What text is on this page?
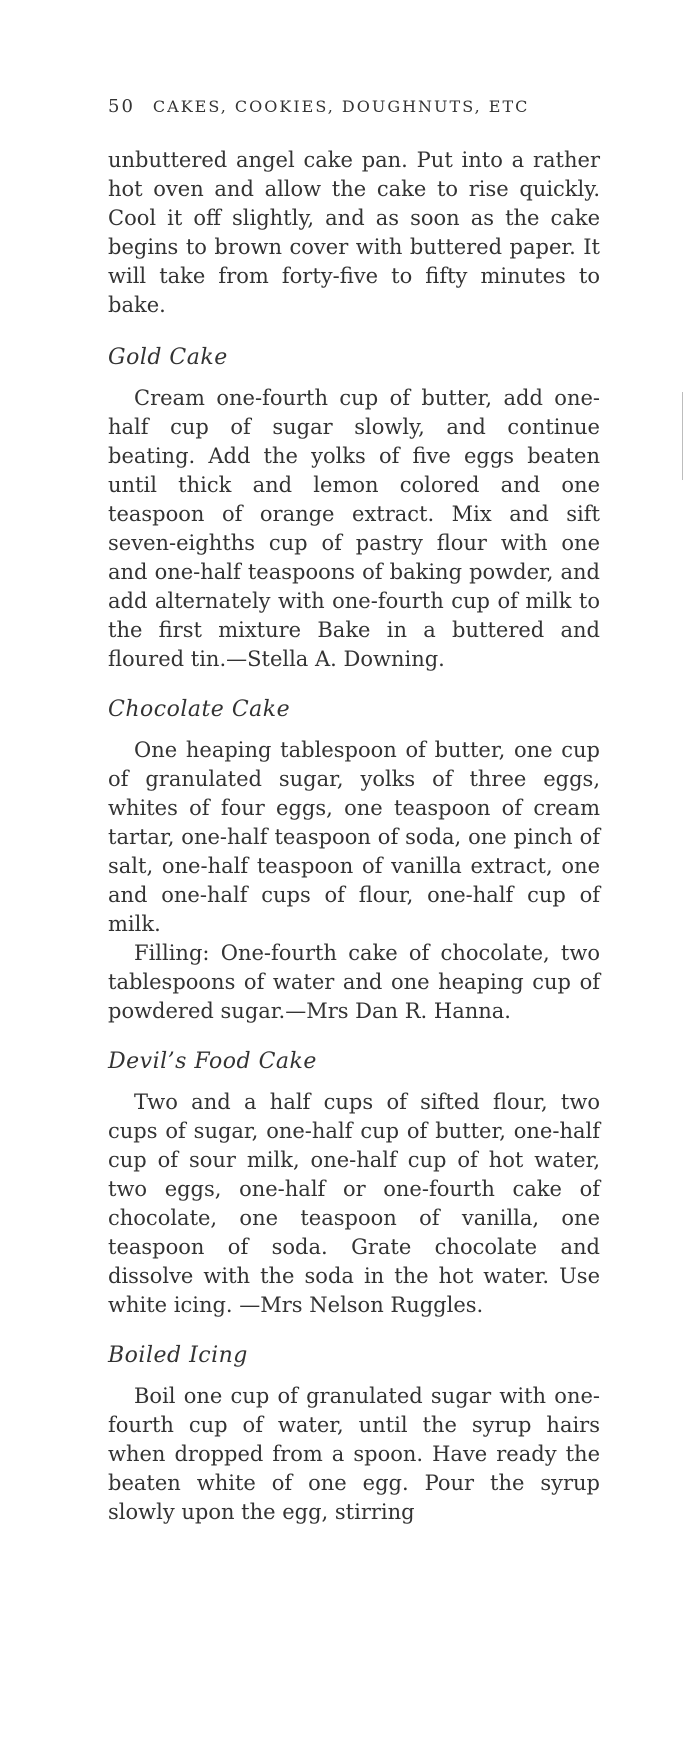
50 CAKES, COOKIES, DOUGHNUTS, ETC

unbuttered angel cake pan. Put into a rather hot oven and allow the cake to rise quickly. Cool it off slightly, and as soon as the cake begins to brown cover with buttered paper. It will take from forty-five to fifty minutes to bake.

Gold Cake

Cream one-fourth cup of butter, add one-half cup of sugar slowly, and continue beating. Add the yolks of five eggs beaten until thick and lemon colored and one teaspoon of orange extract. Mix and sift seven-eighths cup of pastry flour with one and one-half teaspoons of baking powder, and add alternately with one-fourth cup of milk to the first mixture Bake in a buttered and floured tin.—Stella A. Downing.

Chocolate Cake

One heaping tablespoon of butter, one cup of granulated sugar, yolks of three eggs, whites of four eggs, one teaspoon of cream tartar, one-half teaspoon of soda, one pinch of salt, one-half teaspoon of vanilla extract, one and one-half cups of flour, one-half cup of milk.

Filling: One-fourth cake of chocolate, two tablespoons of water and one heaping cup of powdered sugar.—Mrs Dan R. Hanna.

Devil’s Food Cake

Two and a half cups of sifted flour, two cups of sugar, one-half cup of butter, one-half cup of sour milk, one-half cup of hot water, two eggs, one-half or one-fourth cake of chocolate, one teaspoon of vanilla, one teaspoon of soda. Grate chocolate and dissolve with the soda in the hot water. Use white icing. —Mrs Nelson Ruggles.

Boiled Icing

Boil one cup of granulated sugar with one-fourth cup of water, until the syrup hairs when dropped from a spoon. Have ready the beaten white of one egg. Pour the syrup slowly upon the egg, stirring
